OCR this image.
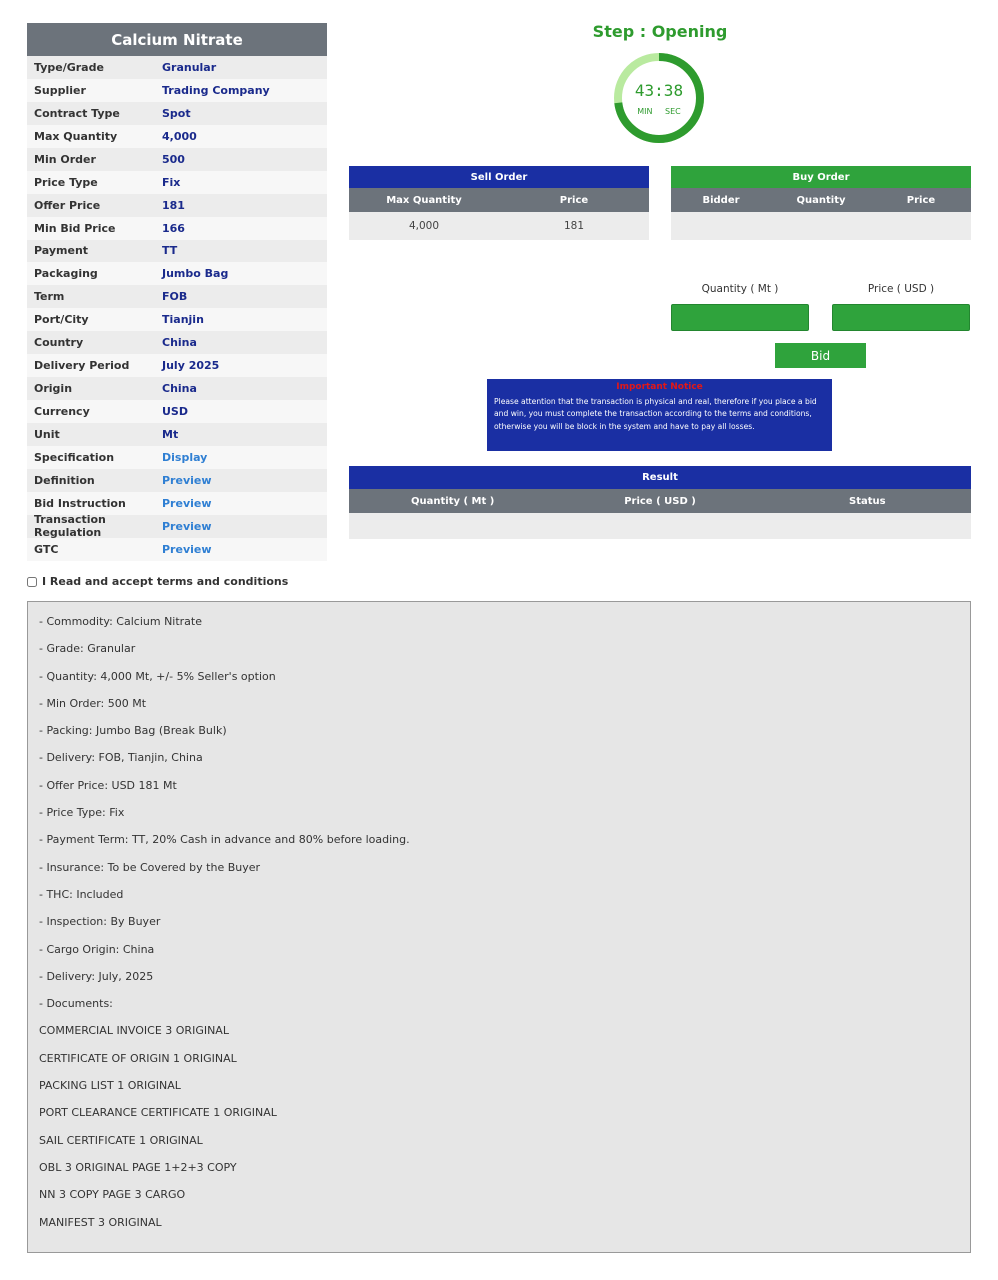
Calcium Nitrate
Type/Grade	Granular
Supplier	Trading Company
Contract Type	Spot
Max Quantity	4,000
Min Order	500
Price Type	Fix
Offer Price	181
Min Bid Price	166
Payment	TT
Packaging	Jumbo Bag
Term	FOB
Port/City	Tianjin
Country	China
Delivery Period	July 2025
Origin	China
Currency	USD
Unit	Mt
Specification	Display
Definition	Preview
Bid Instruction	Preview
Transaction Regulation	Preview
GTC	Preview
Step : Opening
43:38
MIN SEC
Sell Order
Max Quantity	Price
4,000	181
Buy Order
Bidder	Quantity	Price
Quantity ( Mt )	Price ( USD )
Bid
Important Notice
Please attention that the transaction is physical and real, therefore if you place a bid and win, you must complete the transaction according to the terms and conditions, otherwise you will be block in the system and have to pay all losses.
Result
Quantity ( Mt )	Price ( USD )	Status
I Read and accept terms and conditions
- Commodity: Calcium Nitrate
- Grade: Granular
- Quantity: 4,000 Mt, +/- 5% Seller's option
- Min Order: 500 Mt
- Packing: Jumbo Bag (Break Bulk)
- Delivery: FOB, Tianjin, China
- Offer Price: USD 181 Mt
- Price Type: Fix
- Payment Term: TT, 20% Cash in advance and 80% before loading.
- Insurance: To be Covered by the Buyer
- THC: Included
- Inspection: By Buyer
- Cargo Origin: China
- Delivery: July, 2025
- Documents:
COMMERCIAL INVOICE 3 ORIGINAL
CERTIFICATE OF ORIGIN 1 ORIGINAL
PACKING LIST 1 ORIGINAL
PORT CLEARANCE CERTIFICATE 1 ORIGINAL
SAIL CERTIFICATE 1 ORIGINAL
OBL 3 ORIGINAL PAGE 1+2+3 COPY
NN 3 COPY PAGE 3 CARGO
MANIFEST 3 ORIGINAL
